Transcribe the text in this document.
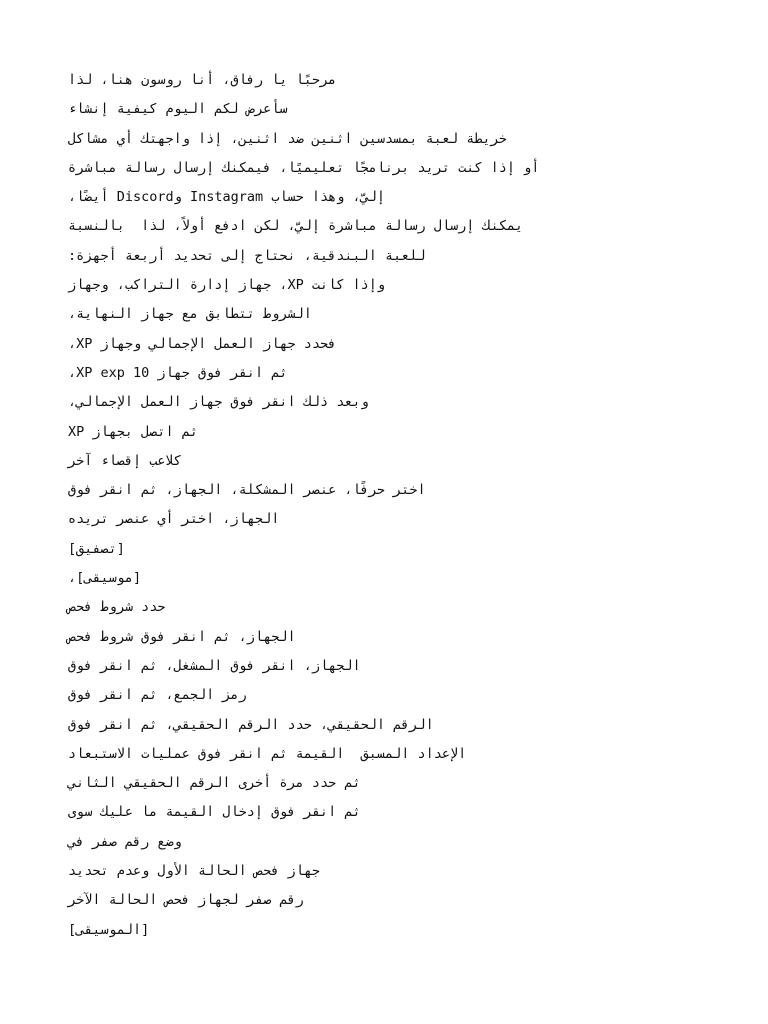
مرحبًا يا رفاق، أنا روسون هنا، لذا
سأعرض لكم اليوم كيفية إنشاء
خريطة لعبة بمسدسين اثنين ضد اثنين، إذا واجهتك أي مشاكل
أو إذا كنت تريد برنامجًا تعليميًا، فيمكنك إرسال رسالة مباشرة
إليّ، وهذا حساب Instagram وDiscord أيضًا،
يمكنك إرسال رسالة مباشرة إليّ، لكن ادفع أولاً، لذا  بالنسبة
للعبة البندقية، نحتاج إلى تحديد أربعة أجهزة:
وإذا كانت XP، جهاز إدارة التراكب، وجهاز
الشروط تتطابق مع جهاز النهاية،
فحدد جهاز العمل الإجمالي وجهاز XP،
ثم انقر فوق جهاز XP exp 10،
وبعد ذلك انقر فوق جهاز العمل الإجمالي،
ثم اتصل بجهاز XP
كلاعب إقصاء آخر
اختر حرفًا، عنصر المشكلة، الجهاز، ثم انقر فوق
الجهاز، اختر أي عنصر تريده
[تصفيق]
[موسيقى]،
حدد شروط فحص
الجهاز، ثم انقر فوق شروط فحص
الجهاز، انقر فوق المشغل، ثم انقر فوق
رمز الجمع، ثم انقر فوق
الرقم الحقيقي، حدد الرقم الحقيقي، ثم انقر فوق
الإعداد المسبق  القيمة ثم انقر فوق عمليات الاستبعاد
ثم حدد مرة أخرى الرقم الحقيقي الثاني
ثم انقر فوق إدخال القيمة ما عليك سوى
وضع رقم صفر في
جهاز فحص الحالة الأول وعدم تحديد
رقم صفر لجهاز فحص الحالة الآخر
[الموسيقى]
